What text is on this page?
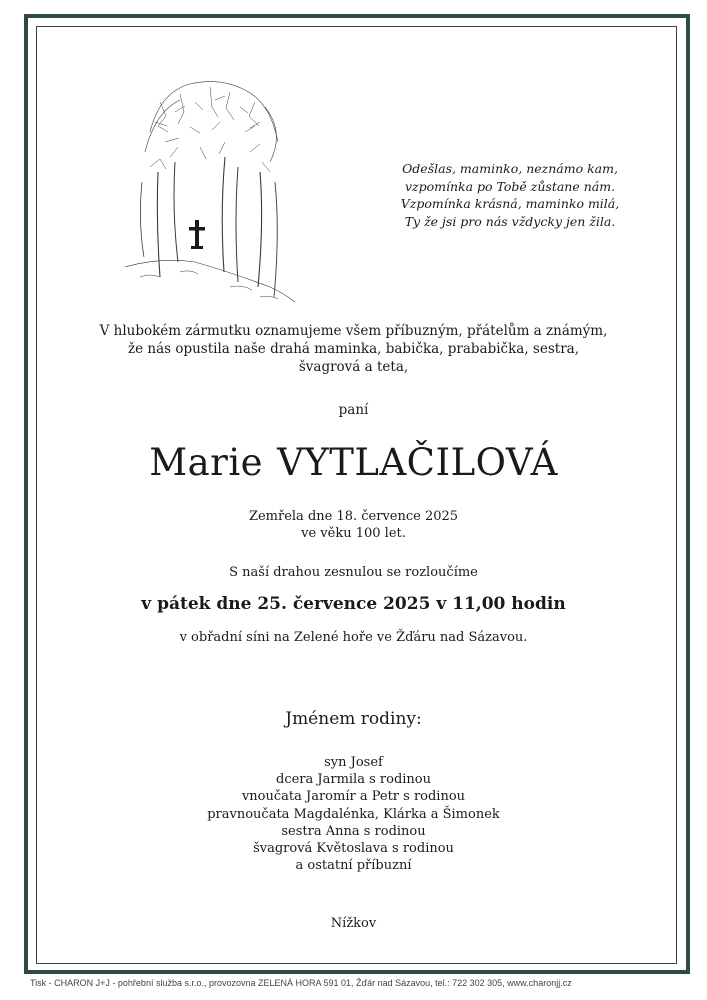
Odešlas, maminko, neznámo kam,
vzpomínka po Tobě zůstane nám.
Vzpomínka krásná, maminko milá,
Ty že jsi pro nás vždycky jen žila.
V hlubokém zármutku oznamujeme všem příbuzným, přátelům a známým,
že nás opustila naše drahá maminka, babička, prababička, sestra,
švagrová a teta,
paní
Marie VYTLAČILOVÁ
Zemřela dne 18. července 2025
ve věku 100 let.
S naší drahou zesnulou se rozloučíme
v pátek dne 25. července 2025 v 11,00 hodin
v obřadní síni na Zelené hoře ve Žďáru nad Sázavou.
Jménem rodiny:
syn Josef
dcera Jarmila s rodinou
vnoučata Jaromír a Petr s rodinou
pravnoučata Magdalénka, Klárka a Šimonek
sestra Anna s rodinou
švagrová Květoslava s rodinou
a ostatní příbuzní
Nížkov
Tisk - CHARON J+J - pohřební služba s.r.o., provozovna ZELENÁ HORA 591 01, Žďár nad Sázavou, tel.: 722 302 305, www.charonjj.cz
